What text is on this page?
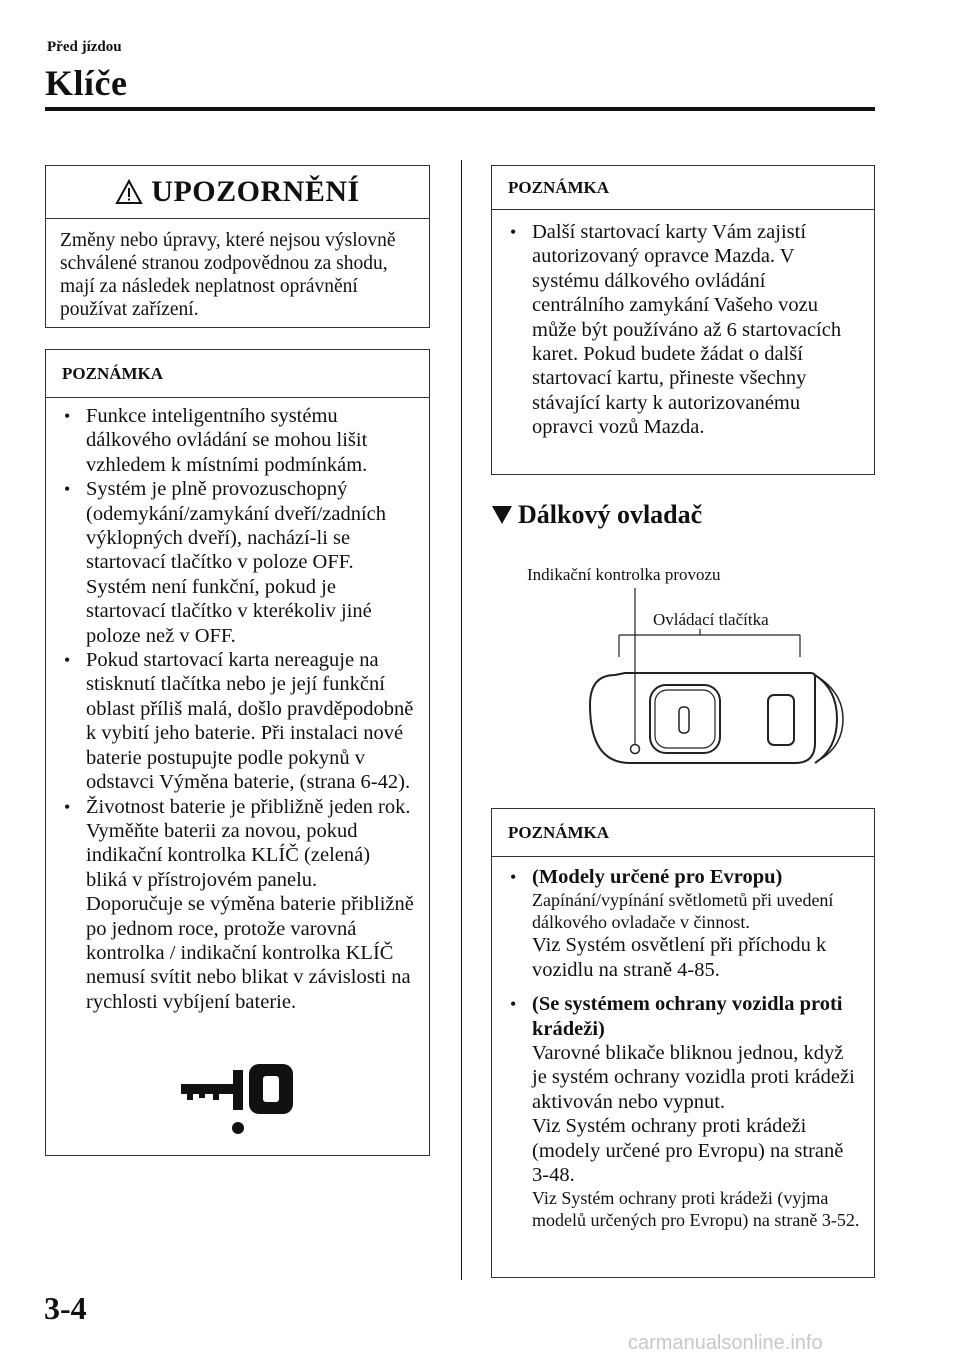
Před jízdou
Klíče
UPOZORNĚNÍ
Změny nebo úpravy, které nejsou výslovně schválené stranou zodpovědnou za shodu, mají za následek neplatnost oprávnění používat zařízení.
POZNÁMKA
• Funkce inteligentního systému dálkového ovládání se mohou lišit vzhledem k místními podmínkám.
• Systém je plně provozuschopný (odemykání/zamykání dveří/zadních výklopných dveří), nachází-li se startovací tlačítko v poloze OFF. Systém není funkční, pokud je startovací tlačítko v kterékoliv jiné poloze než v OFF.
• Pokud startovací karta nereaguje na stisknutí tlačítka nebo je její funkční oblast příliš malá, došlo pravděpodobně k vybití jeho baterie. Při instalaci nové baterie postupujte podle pokynů v odstavci Výměna baterie, (strana 6-42).
• Životnost baterie je přibližně jeden rok. Vyměňte baterii za novou, pokud indikační kontrolka KLÍČ (zelená) bliká v přístrojovém panelu. Doporučuje se výměna baterie přibližně po jednom roce, protože varovná kontrolka / indikační kontrolka KLÍČ nemusí svítit nebo blikat v závislosti na rychlosti vybíjení baterie.
POZNÁMKA
• Další startovací karty Vám zajistí autorizovaný opravce Mazda. V systému dálkového ovládání centrálního zamykání Vašeho vozu může být používáno až 6 startovacích karet. Pokud budete žádat o další startovací kartu, přineste všechny stávající karty k autorizovanému opravci vozů Mazda.
Dálkový ovladač
Indikační kontrolka provozu
Ovládací tlačítka
POZNÁMKA
• (Modely určené pro Evropu)
Zapínání/vypínání světlometů při uvedení dálkového ovladače v činnost.
Viz Systém osvětlení při příchodu k vozidlu na straně 4-85.
• (Se systémem ochrany vozidla proti krádeži)
Varovné blikače bliknou jednou, když je systém ochrany vozidla proti krádeži aktivován nebo vypnut.
Viz Systém ochrany proti krádeži (modely určené pro Evropu) na straně 3-48.
Viz Systém ochrany proti krádeži (vyjma modelů určených pro Evropu) na straně 3-52.
3-4
carmanualsonline.info
